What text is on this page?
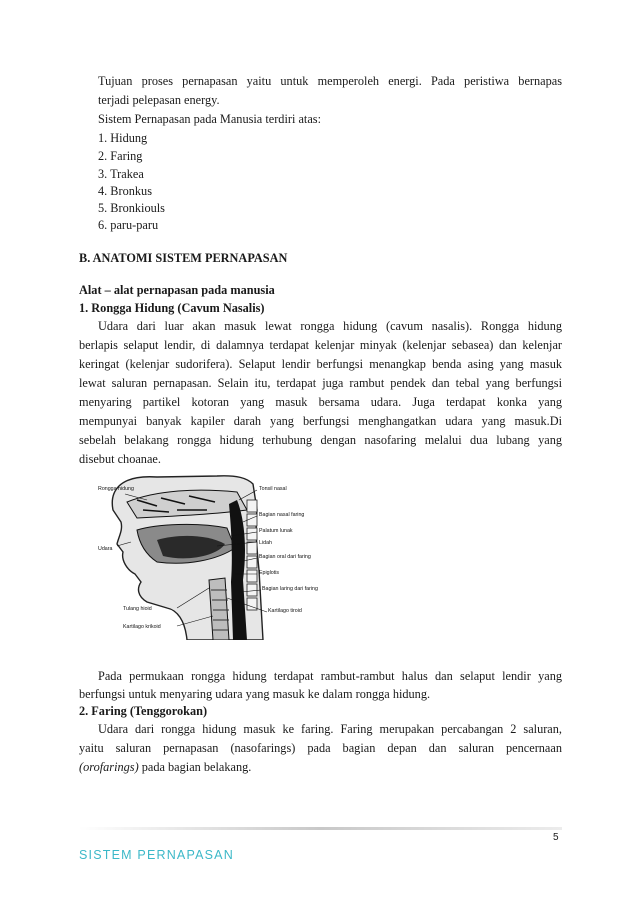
Tujuan proses pernapasan yaitu untuk memperoleh energi. Pada peristiwa bernapas
terjadi pelepasan energy.
Sistem Pernapasan pada Manusia terdiri atas:
1. Hidung
2. Faring
3. Trakea
4. Bronkus
5. Bronkiouls
6. paru-paru
B. ANATOMI SISTEM PERNAPASAN
Alat – alat pernapasan pada manusia
1. Rongga Hidung (Cavum Nasalis)
Udara dari luar akan masuk lewat rongga hidung (cavum nasalis). Rongga hidung
berlapis selaput lendir, di dalamnya terdapat kelenjar minyak (kelenjar sebasea) dan kelenjar
keringat (kelenjar sudorifera). Selaput lendir berfungsi menangkap benda asing yang masuk
lewat saluran pernapasan. Selain itu, terdapat juga rambut pendek dan tebal yang berfungsi
menyaring partikel kotoran yang masuk bersama udara. Juga terdapat konka yang
mempunyai banyak kapiler darah yang berfungsi menghangatkan udara yang masuk.Di
sebelah belakang rongga hidung terhubung dengan nasofaring melalui dua lubang yang
disebut choanae.
Rongga hidung
Udara
Tonsil nasal
Bagian nasal faring
Palatum lunak
Lidah
Bagian oral dari faring
Epiglotis
Bagian laring dari faring
Kartilago tiroid
Tulang hioid
Kartilago krikoid
Pada permukaan rongga hidung terdapat rambut-rambut halus dan selaput lendir yang
berfungsi untuk menyaring udara yang masuk ke dalam rongga hidung.
2. Faring (Tenggorokan)
Udara dari rongga hidung masuk ke faring. Faring merupakan percabangan 2 saluran,
yaitu saluran pernapasan (nasofarings) pada bagian depan dan saluran pencernaan
(orofarings) pada bagian belakang.
5
SISTEM PERNAPASAN
